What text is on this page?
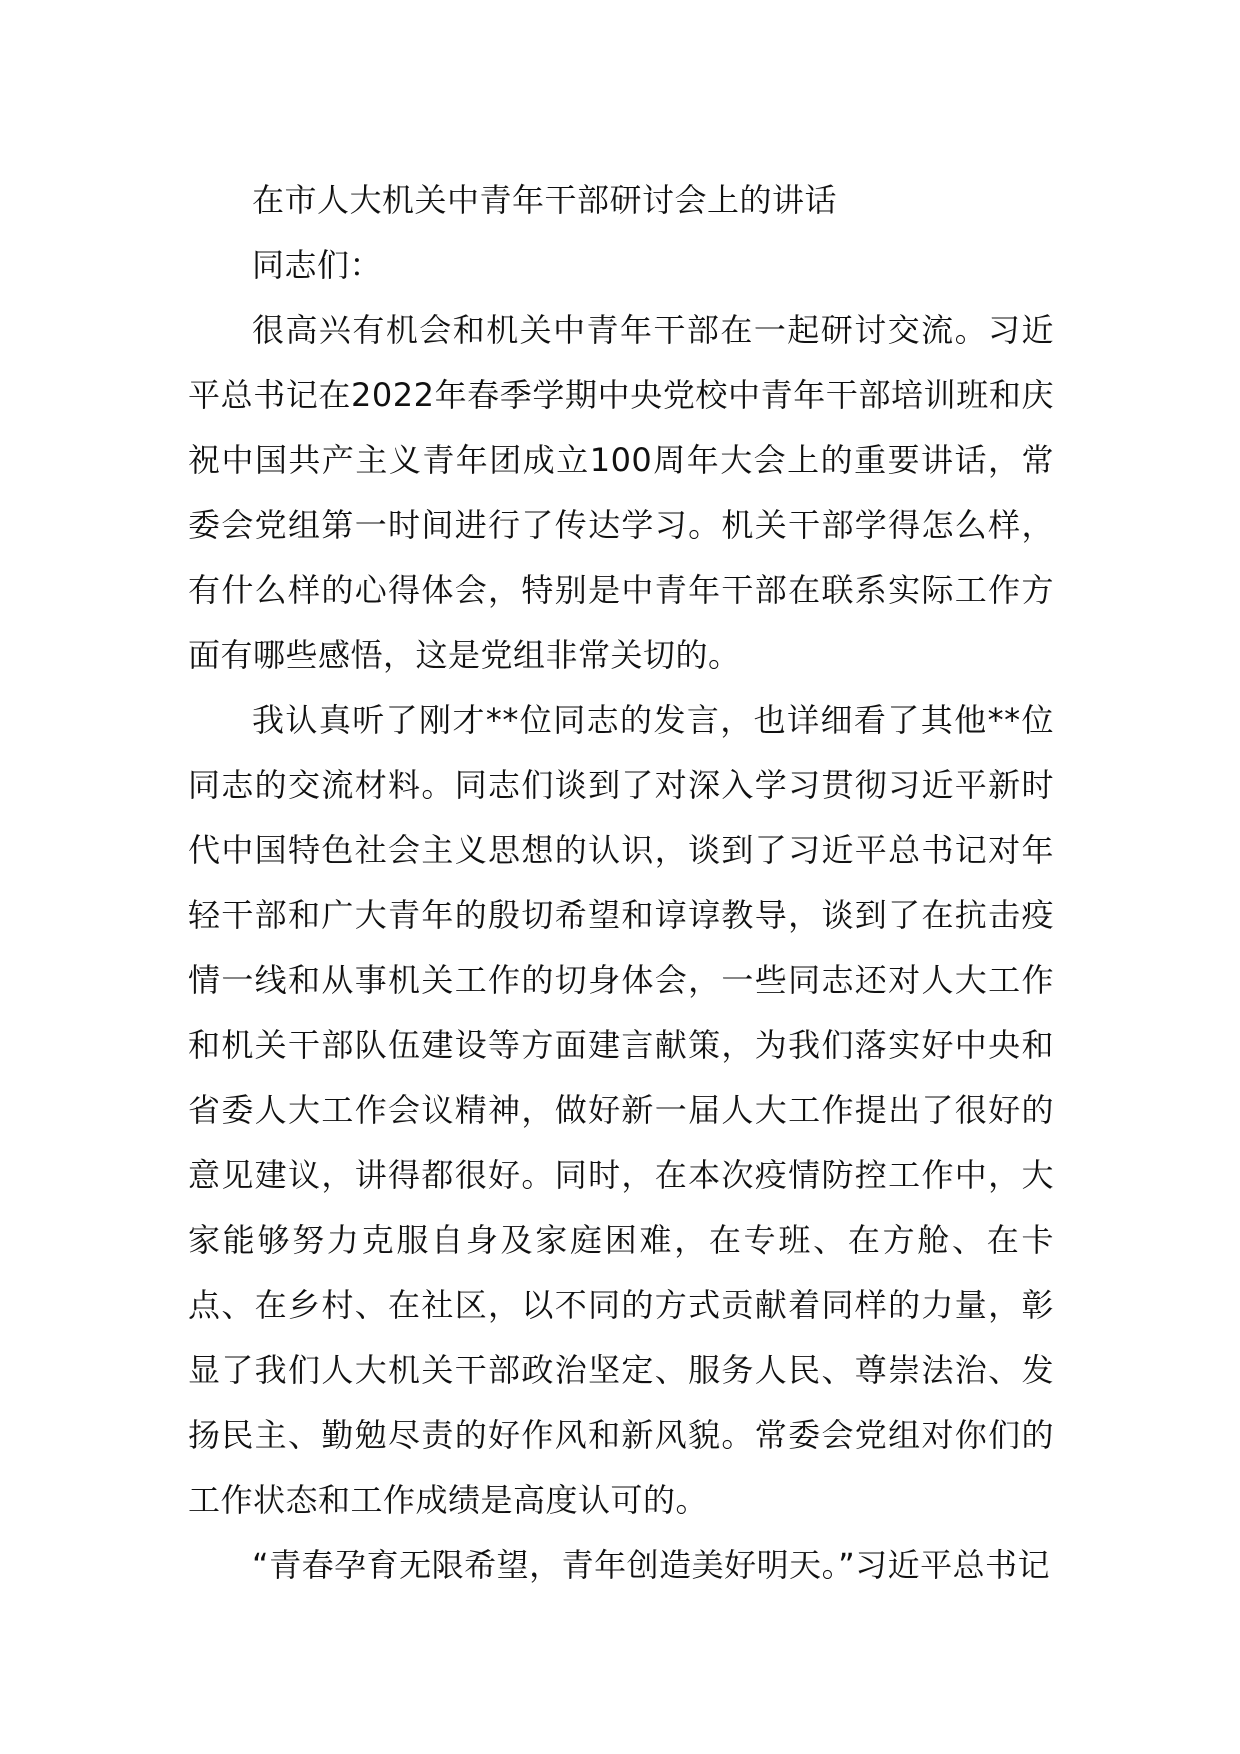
在市人大机关中青年干部研讨会上的讲话

同志们：

很高兴有机会和机关中青年干部在一起研讨交流。习近平总书记在2022年春季学期中央党校中青年干部培训班和庆祝中国共产主义青年团成立100周年大会上的重要讲话，常委会党组第一时间进行了传达学习。机关干部学得怎么样，有什么样的心得体会，特别是中青年干部在联系实际工作方面有哪些感悟，这是党组非常关切的。

我认真听了刚才**位同志的发言，也详细看了其他**位同志的交流材料。同志们谈到了对深入学习贯彻习近平新时代中国特色社会主义思想的认识，谈到了习近平总书记对年轻干部和广大青年的殷切希望和谆谆教导，谈到了在抗击疫情一线和从事机关工作的切身体会，一些同志还对人大工作和机关干部队伍建设等方面建言献策，为我们落实好中央和省委人大工作会议精神，做好新一届人大工作提出了很好的意见建议，讲得都很好。同时，在本次疫情防控工作中，大家能够努力克服自身及家庭困难，在专班、在方舱、在卡点、在乡村、在社区，以不同的方式贡献着同样的力量，彰显了我们人大机关干部政治坚定、服务人民、尊崇法治、发扬民主、勤勉尽责的好作风和新风貌。常委会党组对你们的工作状态和工作成绩是高度认可的。

“青春孕育无限希望，青年创造美好明天。”习近平总书记
